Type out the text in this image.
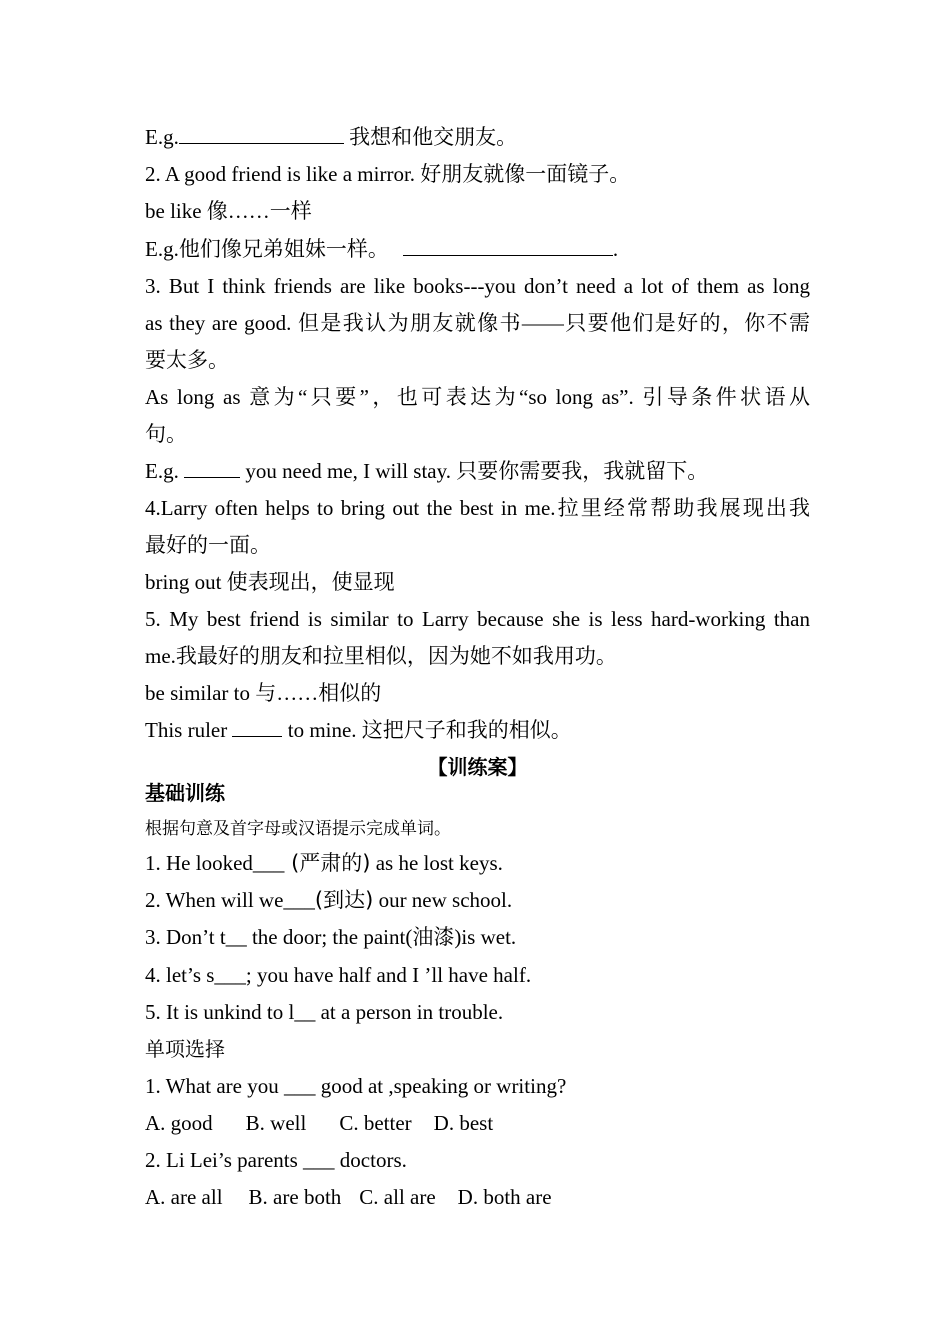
E.g.	我想和他交朋友。
2. A good friend is like a mirror. 好朋友就像一面镜子。
be like 像……一样
E.g.他们像兄弟姐妹一样。	.
3. But I think friends are like books---you don’t need a lot of them as long
as they are good. 但是我认为朋友就像书——只要他们是好的，你不需
要太多。
As long as 意为“只要”，也可表达为“so long as”. 引导条件状语从
句。
E.g.	you need me, I will stay. 只要你需要我，我就留下。
4.Larry often helps to bring out the best in me.拉里经常帮助我展现出我
最好的一面。
bring out 使表现出，使显现
5. My best friend is similar to Larry because she is less hard-working than
me.我最好的朋友和拉里相似，因为她不如我用功。
be similar to 与……相似的
This ruler  to mine. 这把尺子和我的相似。
【训练案】
基础训练
根据句意及首字母或汉语提示完成单词。
1. He looked___ (严肃的) as he lost keys.
2. When will we___(到达) our new school.
3. Don’t t__ the door; the paint(油漆)is wet.
4. let’s s___; you have half and I ’ll have half.
5. It is unkind to l__ at a person in trouble.
单项选择
1. What are you ___ good at ,speaking or writing?
A. good B. well C. better D. best
2. Li Lei’s parents ___ doctors.
A. are all B. are both C. all are D. both are
